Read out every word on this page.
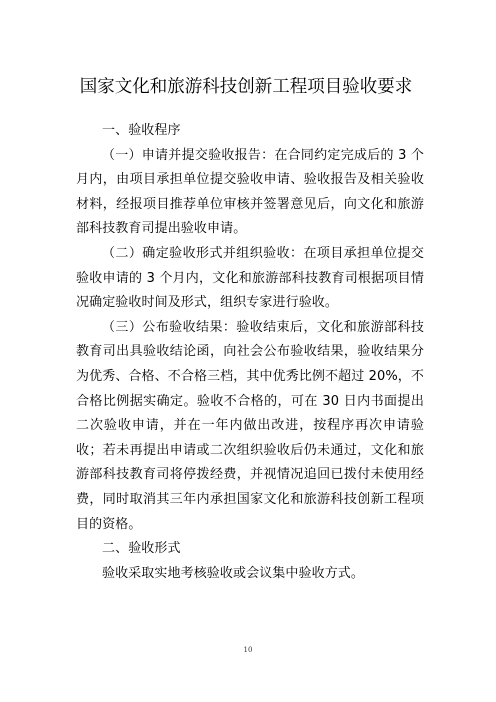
国家文化和旅游科技创新工程项目验收要求

一、验收程序

（一）申请并提交验收报告：在合同约定完成后的 3 个月内，由项目承担单位提交验收申请、验收报告及相关验收材料，经报项目推荐单位审核并签署意见后，向文化和旅游部科技教育司提出验收申请。

（二）确定验收形式并组织验收：在项目承担单位提交验收申请的 3 个月内，文化和旅游部科技教育司根据项目情况确定验收时间及形式，组织专家进行验收。

（三）公布验收结果：验收结束后，文化和旅游部科技教育司出具验收结论函，向社会公布验收结果，验收结果分为优秀、合格、不合格三档，其中优秀比例不超过 20%，不合格比例据实确定。验收不合格的，可在 30 日内书面提出二次验收申请，并在一年内做出改进，按程序再次申请验收；若未再提出申请或二次组织验收后仍未通过，文化和旅游部科技教育司将停拨经费，并视情况追回已拨付未使用经费，同时取消其三年内承担国家文化和旅游科技创新工程项目的资格。

二、验收形式

验收采取实地考核验收或会议集中验收方式。

10
